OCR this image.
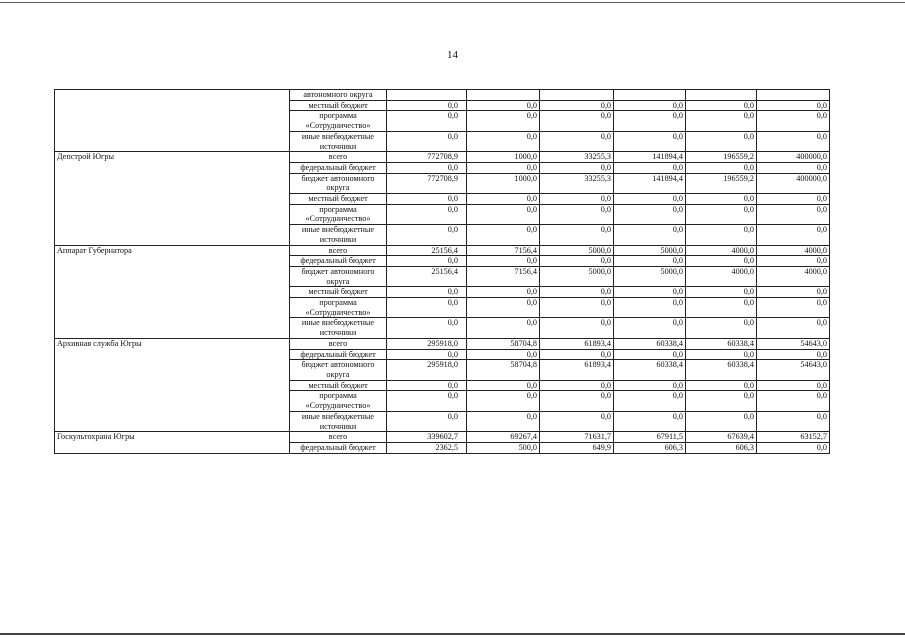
14
	автономного округа						
	местный бюджет	0,0	0,0	0,0	0,0	0,0	0,0
	программа «Сотрудничество»	0,0	0,0	0,0	0,0	0,0	0,0
	иные внебюджетные источники	0,0	0,0	0,0	0,0	0,0	0,0
Депстрой Югры	всего	772708,9	1000,0	33255,3	141894,4	196559,2	400000,0
	федеральный бюджет	0,0	0,0	0,0	0,0	0,0	0,0
	бюджет автономного округа	772708,9	1000,0	33255,3	141894,4	196559,2	400000,0
	местный бюджет	0,0	0,0	0,0	0,0	0,0	0,0
	программа «Сотрудничество»	0,0	0,0	0,0	0,0	0,0	0,0
	иные внебюджетные источники	0,0	0,0	0,0	0,0	0,0	0,0
Аппарат Губернатора	всего	25156,4	7156,4	5000,0	5000,0	4000,0	4000,0
	федеральный бюджет	0,0	0,0	0,0	0,0	0,0	0,0
	бюджет автономного округа	25156,4	7156,4	5000,0	5000,0	4000,0	4000,0
	местный бюджет	0,0	0,0	0,0	0,0	0,0	0,0
	программа «Сотрудничество»	0,0	0,0	0,0	0,0	0,0	0,0
	иные внебюджетные источники	0,0	0,0	0,0	0,0	0,0	0,0
Архивная служба Югры	всего	295918,0	58704,8	61893,4	60338,4	60338,4	54643,0
	федеральный бюджет	0,0	0,0	0,0	0,0	0,0	0,0
	бюджет автономного округа	295918,0	58704,8	61893,4	60338,4	60338,4	54643,0
	местный бюджет	0,0	0,0	0,0	0,0	0,0	0,0
	программа «Сотрудничество»	0,0	0,0	0,0	0,0	0,0	0,0
	иные внебюджетные источники	0,0	0,0	0,0	0,0	0,0	0,0
Госкультохрана Югры	всего	339602,7	69267,4	71631,7	67911,5	67639,4	63152,7
	федеральный бюджет	2362,5	500,0	649,9	606,3	606,3	0,0
